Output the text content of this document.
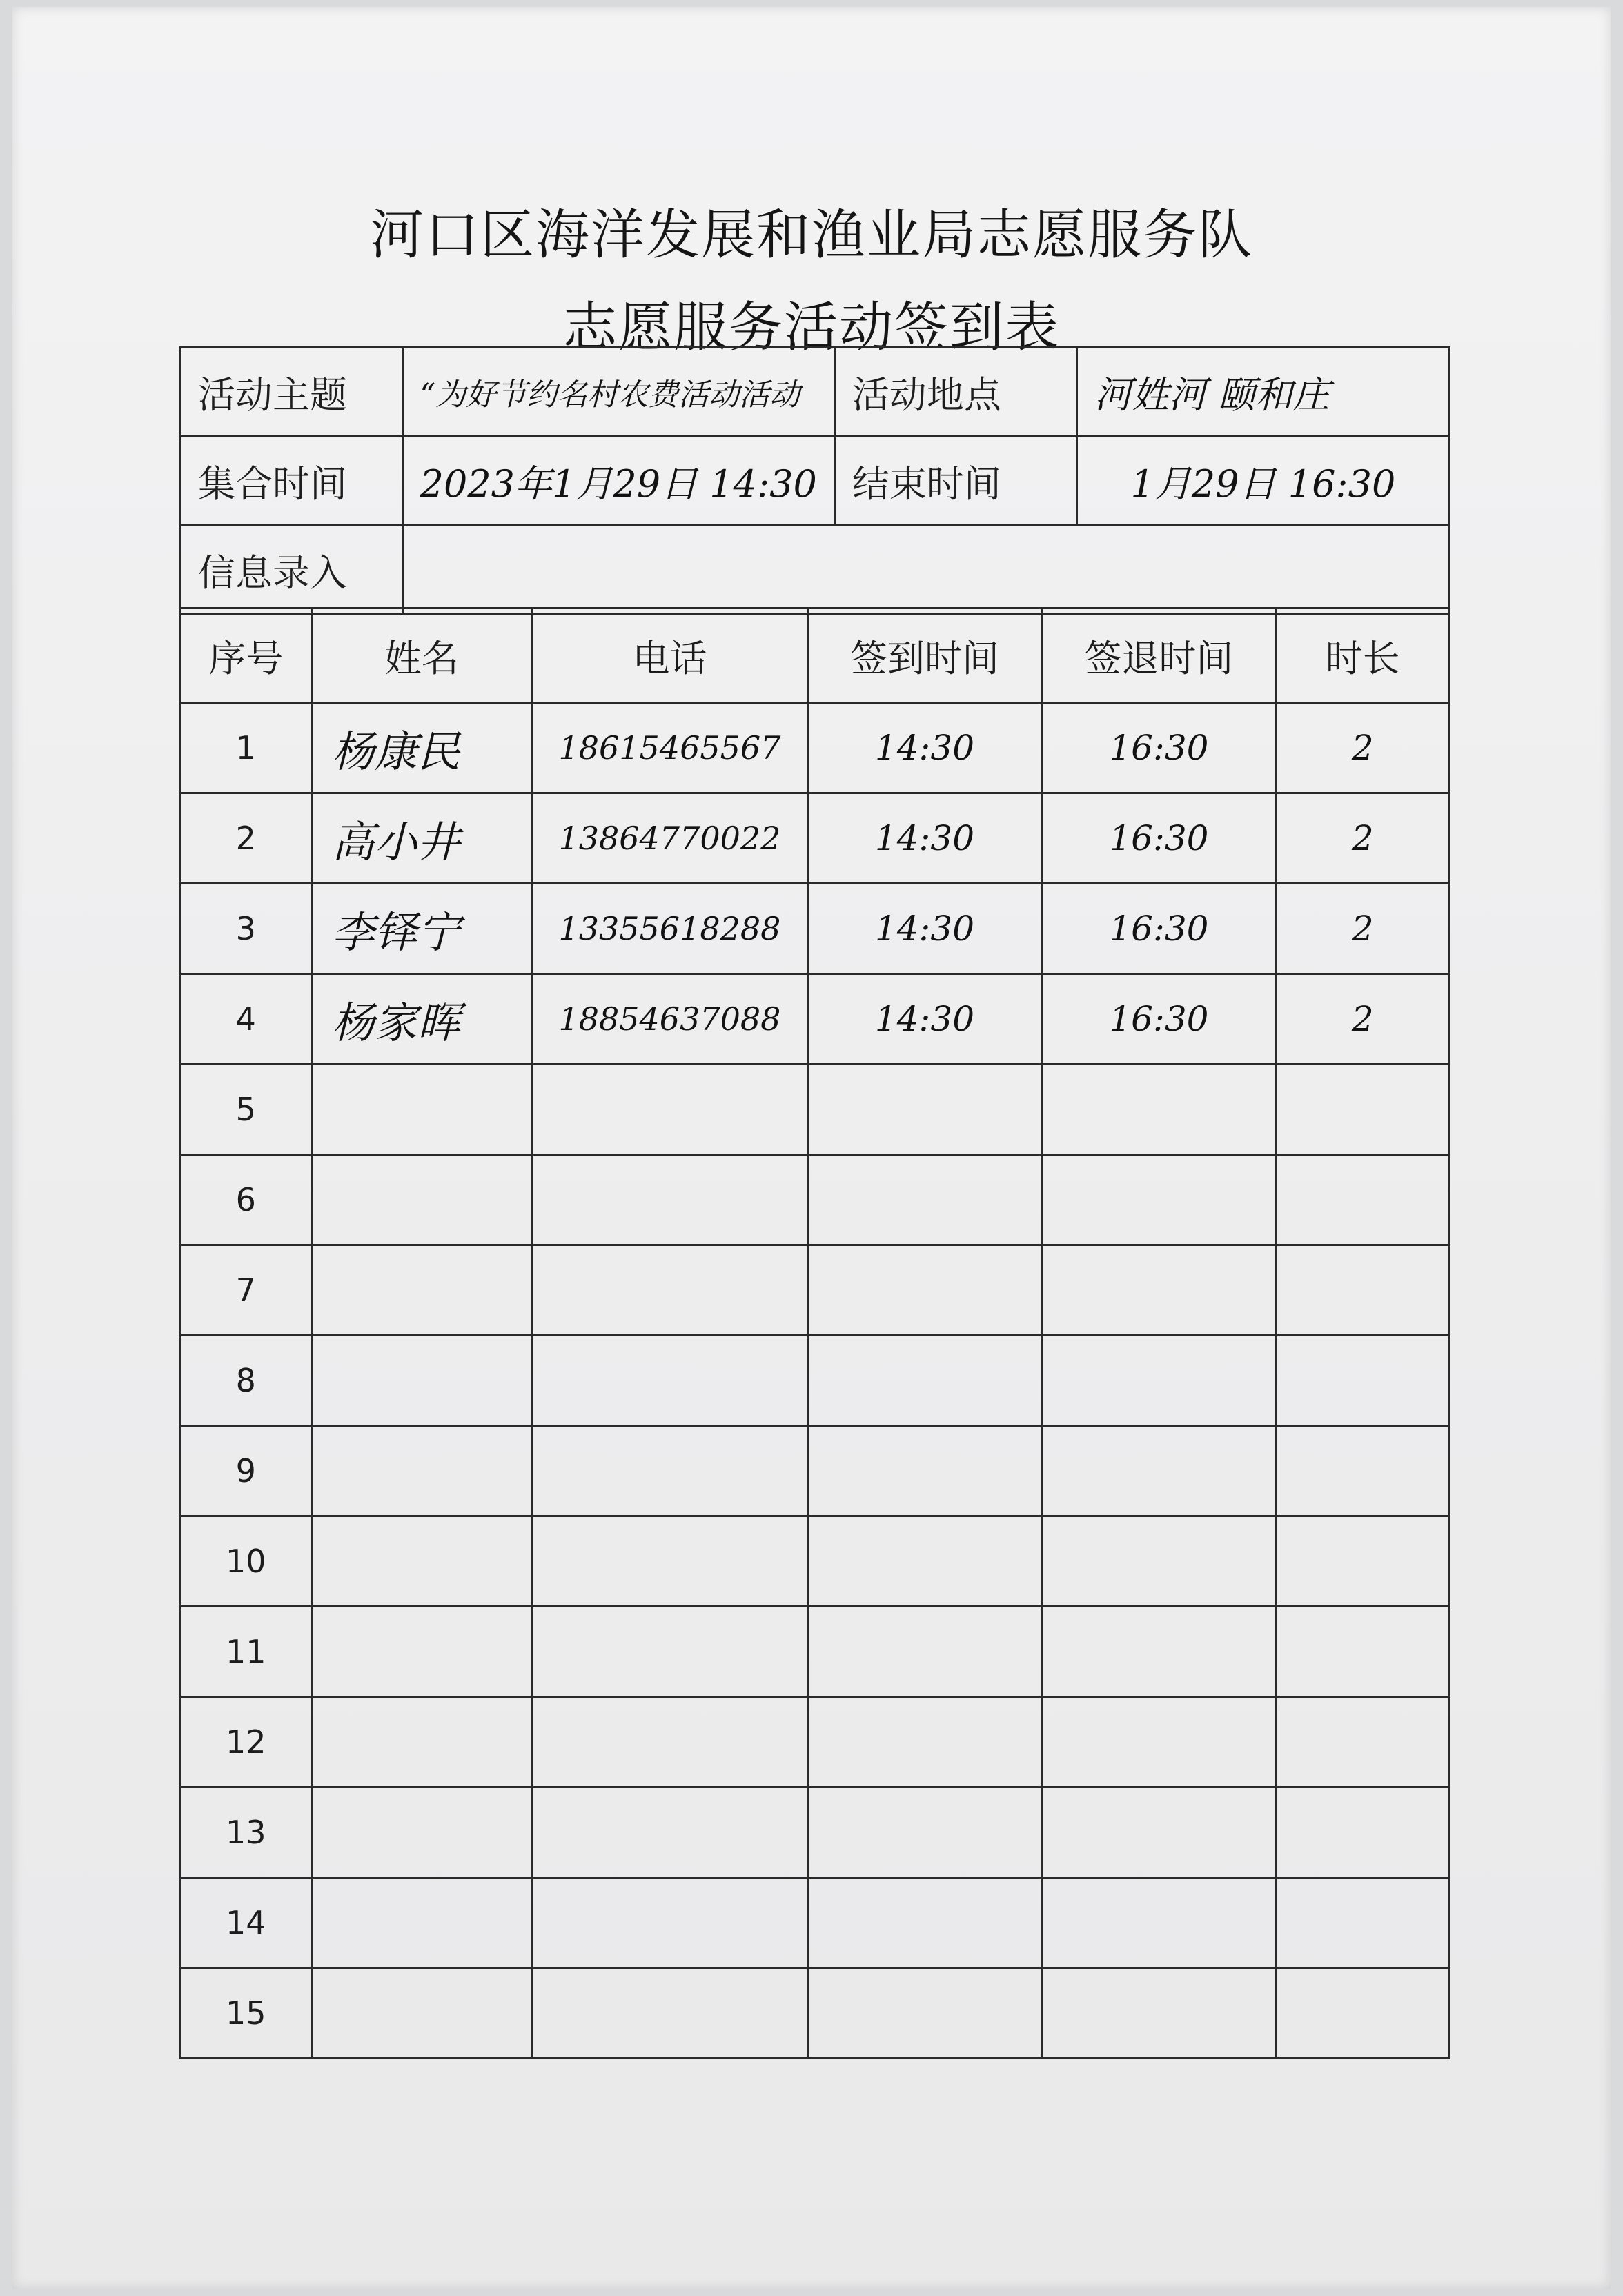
河口区海洋发展和渔业局志愿服务队
志愿服务活动签到表
活动主题	“为好节约名村农费活动活动	活动地点	河姓河 颐和庄
集合时间	2023年1月29日 14:30	结束时间	1月29日 16:30
信息录入			
序号	姓名	电话	签到时间	签退时间	时长
1	杨康民	18615465567	14:30	16:30	2
2	高小井	13864770022	14:30	16:30	2
3	李铎宁	13355618288	14:30	16:30	2
4	杨家晖	18854637088	14:30	16:30	2
5					
6					
7					
8					
9					
10					
11					
12					
13					
14					
15					
